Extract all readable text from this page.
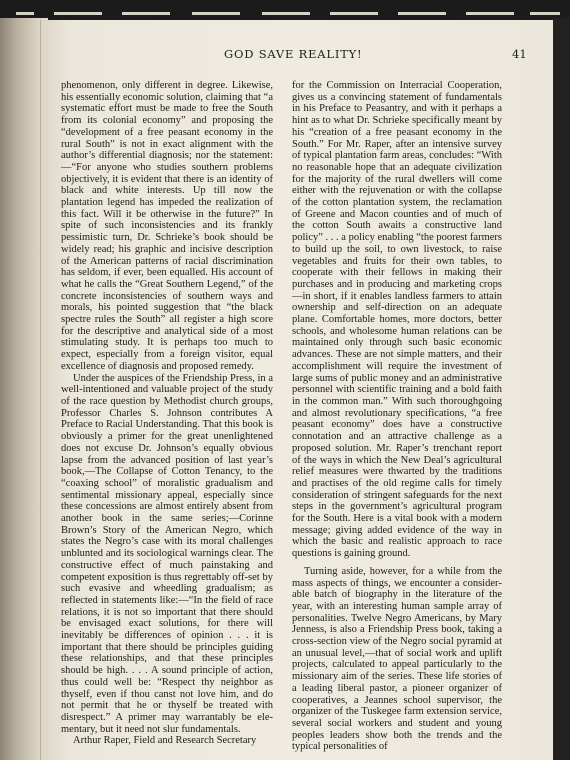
GOD SAVE REALITY!	41

phenomenon, only different in degree. Likewise, his essentially economic solution, claiming that “a systematic effort must be made to free the South from its colonial economy” and proposing the “development of a free peasant economy in the rural South” is not in exact alignment with the author’s differential diagnosis; nor the statement:—“For anyone who studies southern problems objectively, it is evident that there is an identity of black and white interests. Up till now the plantation legend has impeded the realization of this fact. Will it be otherwise in the future?” In spite of such inconsistencies and its frankly pessimistic turn, Dr. Schrieke’s book should be widely read; his graphic and incisive description of the American patterns of racial discrimination has seldom, if ever, been equalled. His account of what he calls the “Great Southern Legend,” of the concrete inconsistencies of southern ways and morals, his pointed suggestion that “the black spectre rules the South” all register a high score for the descriptive and analytical side of a most stimulating study. It is perhaps too much to expect, especially from a foreign visitor, equal excellence of diagnosis and proposed remedy.

Under the auspices of the Friendship Press, in a well-intentioned and valuable project of the study of the race question by Methodist church groups, Professor Charles S. Johnson contributes A Preface to Racial Understanding. That this book is obviously a primer for the great unenlightened does not excuse Dr. Johnson’s equally obvious lapse from the advanced position of last year’s book,—The Collapse of Cotton Tenancy, to the “coaxing school” of moralistic gradualism and sentimental missionary appeal, especially since these concessions are almost entirely absent from another book in the same series;—Corinne Brown’s Story of the American Negro, which states the Negro’s case with its moral challenges unblunted and its sociological warnings clear. The constructive effect of much painstaking and competent exposition is thus regrettably off-set by such evasive and wheedling gradualism; as reflected in statements like:—“In the field of race relations, it is not so important that there should be envisaged exact solutions, for there will inevitably be differences of opinion . . . it is important that there should be principles guiding these relationships, and that these principles should be high. . . . A sound principle of action, thus could well be: “Respect thy neighbor as thyself, even if thou canst not love him, and do not permit that he or thyself be treated with disrespect.” A primer may warrantably be elementary, but it need not slur fundamentals.

Arthur Raper, Field and Research Secretary

for the Commission on Interracial Cooperation, gives us a convincing statement of fundamentals in his Preface to Peasantry, and with it perhaps a hint as to what Dr. Schrieke specifically meant by his “creation of a free peasant economy in the South.” For Mr. Raper, after an intensive survey of typical plantation farm areas, concludes: “With no reasonable hope that an adequate civilization for the majority of the rural dwellers will come either with the rejuvenation or with the collapse of the cotton plantation system, the reclamation of Greene and Macon counties and of much of the cotton South awaits a constructive land policy” . . . a policy enabling “the poorest farmers to build up the soil, to own livestock, to raise vegetables and fruits for their own tables, to cooperate with their fellows in making their purchases and in producing and marketing crops—in short, if it enables landless farmers to attain ownership and self-direction on an adequate plane. Comfortable homes, more doctors, better schools, and wholesome human relations can be maintained only through such basic economic advances. These are not simple matters, and their accomplishment will require the investment of large sums of public money and an administrative personnel with scientific training and a bold faith in the common man.” With such thoroughgoing and almost revolutionary specifications, “a free peasant economy” does have a constructive connotation and an attractive challenge as a proposed solution. Mr. Raper’s trenchant report of the ways in which the New Deal’s agricultural relief measures were thwarted by the traditions and practises of the old regime calls for timely consideration of stringent safeguards for the next steps in the government’s agricultural program for the South. Here is a vital book with a modern message; giving added evidence of the way in which the basic and realistic approach to race questions is gaining ground.

Turning aside, however, for a while from the mass aspects of things, we encounter a considerable batch of biography in the literature of the year, with an interesting human sample array of personalities. Twelve Negro Americans, by Mary Jenness, is also a Friendship Press book, taking a cross-section view of the Negro social pyramid at an unusual level,—that of social work and uplift projects, calculated to appeal particularly to the missionary aim of the series. These life stories of a leading liberal pastor, a pioneer organizer of cooperatives, a Jeannes school supervisor, the organizer of the Tuskegee farm extension service, several social workers and student and young peoples leaders show both the trends and the typical personalities of
